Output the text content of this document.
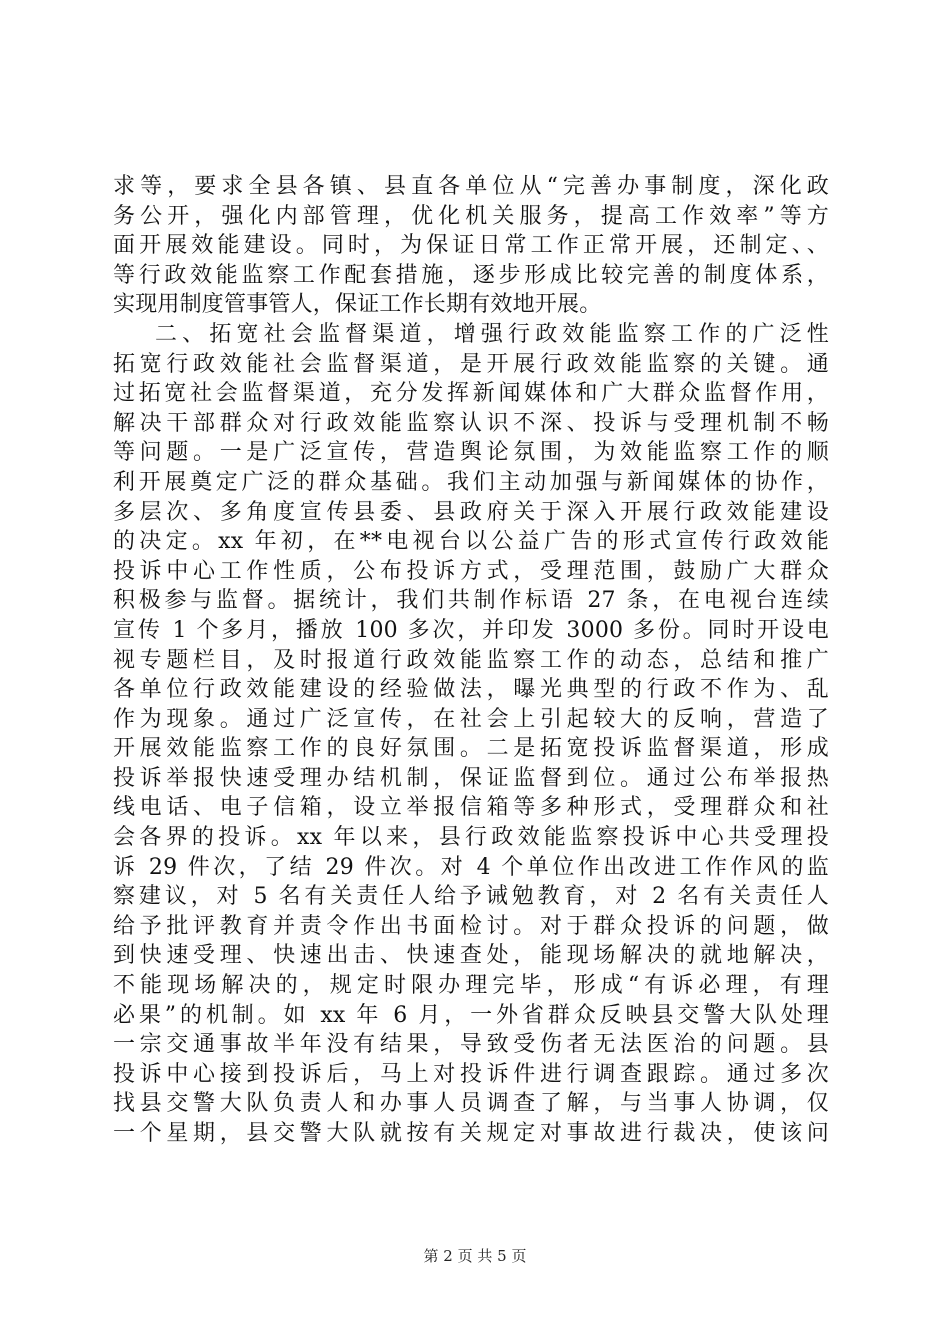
求等，要求全县各镇、县直各单位从“完善办事制度，深化政
务公开，强化内部管理，优化机关服务，提高工作效率”等方
面开展效能建设。同时，为保证日常工作正常开展，还制定、、
等行政效能监察工作配套措施，逐步形成比较完善的制度体系，
实现用制度管事管人，保证工作长期有效地开展。
二、拓宽社会监督渠道，增强行政效能监察工作的广泛性
拓宽行政效能社会监督渠道，是开展行政效能监察的关键。通
过拓宽社会监督渠道，充分发挥新闻媒体和广大群众监督作用，
解决干部群众对行政效能监察认识不深、投诉与受理机制不畅
等问题。一是广泛宣传，营造舆论氛围，为效能监察工作的顺
利开展奠定广泛的群众基础。我们主动加强与新闻媒体的协作，
多层次、多角度宣传县委、县政府关于深入开展行政效能建设
的决定。xx 年初，在**电视台以公益广告的形式宣传行政效能
投诉中心工作性质，公布投诉方式，受理范围，鼓励广大群众
积极参与监督。据统计，我们共制作标语 27 条，在电视台连续
宣传 1 个多月，播放 100 多次，并印发 3000 多份。同时开设电
视专题栏目，及时报道行政效能监察工作的动态，总结和推广
各单位行政效能建设的经验做法，曝光典型的行政不作为、乱
作为现象。通过广泛宣传，在社会上引起较大的反响，营造了
开展效能监察工作的良好氛围。二是拓宽投诉监督渠道，形成
投诉举报快速受理办结机制，保证监督到位。通过公布举报热
线电话、电子信箱，设立举报信箱等多种形式，受理群众和社
会各界的投诉。xx 年以来，县行政效能监察投诉中心共受理投
诉 29 件次，了结 29 件次。对 4 个单位作出改进工作作风的监
察建议，对 5 名有关责任人给予诫勉教育，对 2 名有关责任人
给予批评教育并责令作出书面检讨。对于群众投诉的问题，做
到快速受理、快速出击、快速查处，能现场解决的就地解决，
不能现场解决的，规定时限办理完毕，形成“有诉必理，有理
必果”的机制。如 xx 年 6 月，一外省群众反映县交警大队处理
一宗交通事故半年没有结果，导致受伤者无法医治的问题。县
投诉中心接到投诉后，马上对投诉件进行调查跟踪。通过多次
找县交警大队负责人和办事人员调查了解，与当事人协调，仅
一个星期，县交警大队就按有关规定对事故进行裁决，使该问
第 2 页 共 5 页
